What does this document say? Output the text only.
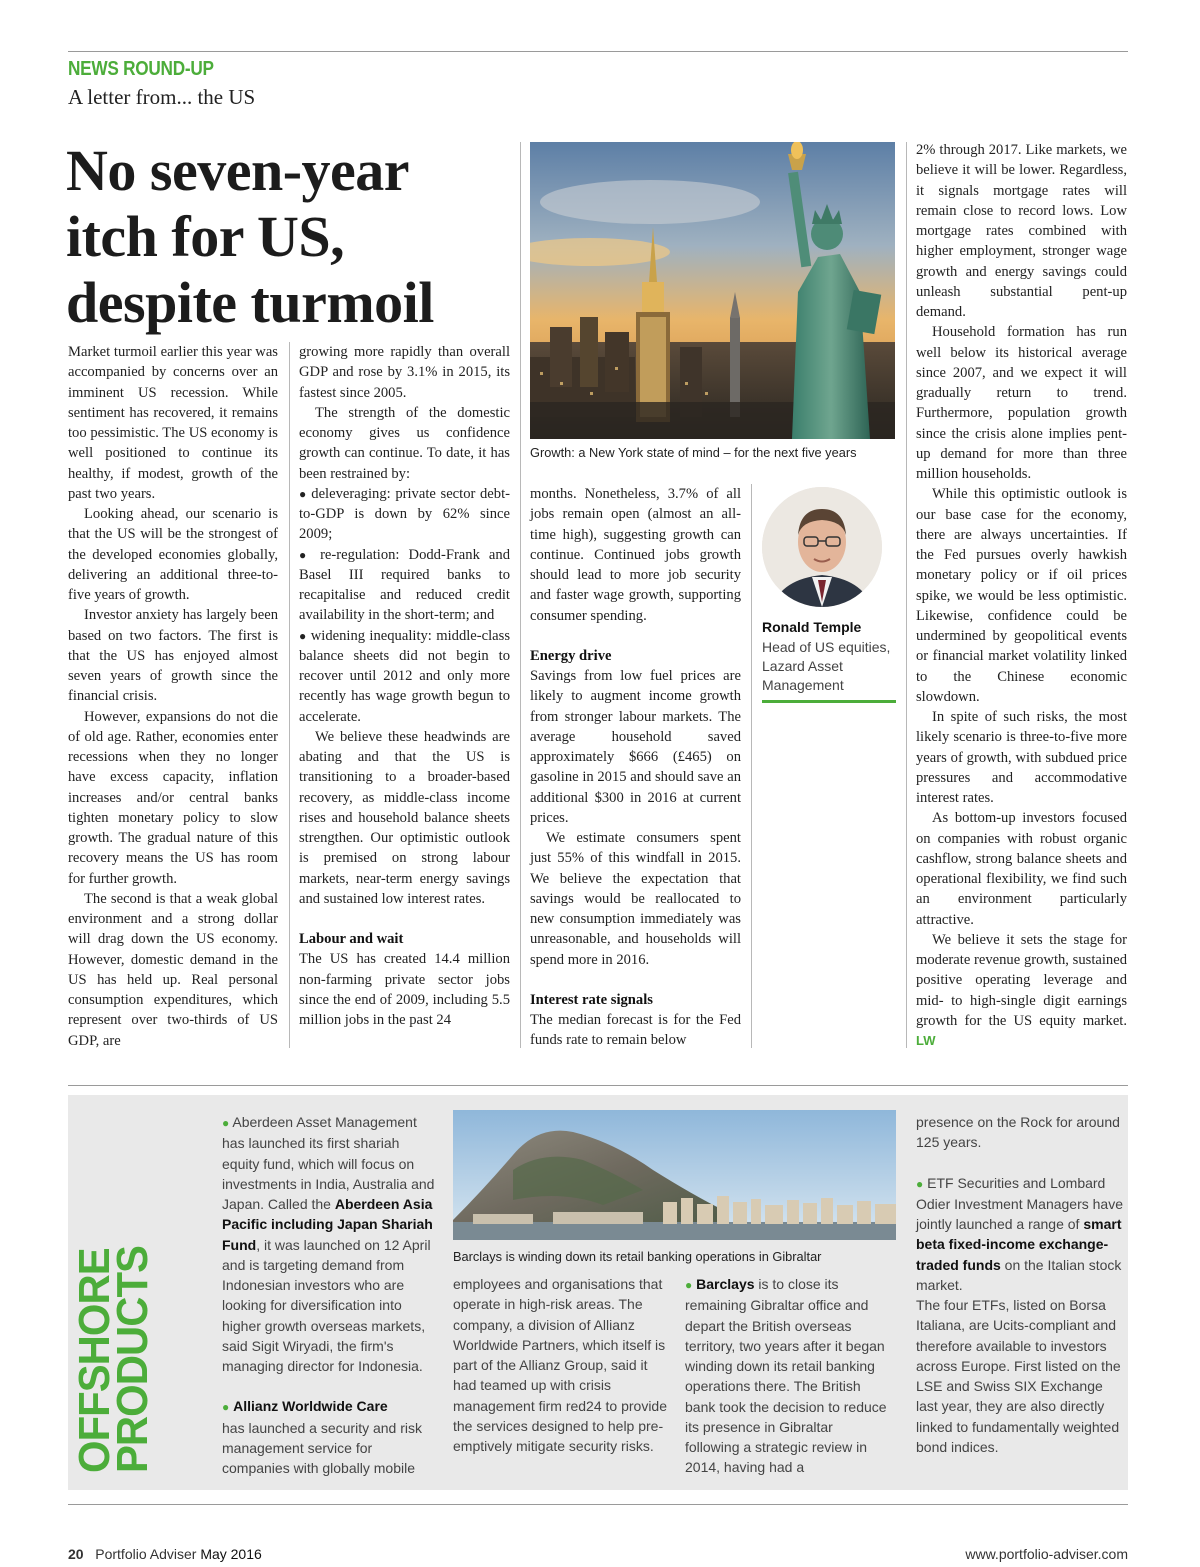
NEWS ROUND-UP
A letter from... the US
No seven-year itch for US, despite turmoil

Market turmoil earlier this year was accompanied by concerns over an imminent US recession. While sentiment has recovered, it remains too pessimistic. The US economy is well positioned to continue its healthy, if modest, growth of the past two years.

Looking ahead, our scenario is that the US will be the strongest of the developed economies globally, delivering an additional three-to-five years of growth.

Investor anxiety has largely been based on two factors. The first is that the US has enjoyed almost seven years of growth since the financial crisis.

However, expansions do not die of old age. Rather, economies enter recessions when they no longer have excess capacity, inflation increases and/or central banks tighten monetary policy to slow growth. The gradual nature of this recovery means the US has room for further growth.

The second is that a weak global environment and a strong dollar will drag down the US economy. However, domestic demand in the US has held up. Real personal consumption expenditures, which represent over two-thirds of US GDP, are

growing more rapidly than overall GDP and rose by 3.1% in 2015, its fastest since 2005.

The strength of the domestic economy gives us confidence growth can continue. To date, it has been restrained by:

● deleveraging: private sector debt-to-GDP is down by 62% since 2009;

● re-regulation: Dodd-Frank and Basel III required banks to recapitalise and reduced credit availability in the short-term; and

● widening inequality: middle-class balance sheets did not begin to recover until 2012 and only more recently has wage growth begun to accelerate.

We believe these headwinds are abating and that the US is transitioning to a broader-based recovery, as middle-class income rises and household balance sheets strengthen. Our optimistic outlook is premised on strong labour markets, near-term energy savings and sustained low interest rates.

Labour and wait

The US has created 14.4 million non-farming private sector jobs since the end of 2009, including 5.5 million jobs in the past 24

Growth: a New York state of mind – for the next five years

months. Nonetheless, 3.7% of all jobs remain open (almost an all-time high), suggesting growth can continue. Continued jobs growth should lead to more job security and faster wage growth, supporting consumer spending.

Energy drive

Savings from low fuel prices are likely to augment income growth from stronger labour markets. The average household saved approximately $666 (£465) on gasoline in 2015 and should save an additional $300 in 2016 at current prices.

We estimate consumers spent just 55% of this windfall in 2015. We believe the expectation that savings would be reallocated to new consumption immediately was unreasonable, and households will spend more in 2016.

Interest rate signals

The median forecast is for the Fed funds rate to remain below

Ronald Temple
Head of US equities, Lazard Asset Management

2% through 2017. Like markets, we believe it will be lower. Regardless, it signals mortgage rates will remain close to record lows. Low mortgage rates combined with higher employment, stronger wage growth and energy savings could unleash substantial pent-up demand.

Household formation has run well below its historical average since 2007, and we expect it will gradually return to trend. Furthermore, population growth since the crisis alone implies pent-up demand for more than three million households.

While this optimistic outlook is our base case for the economy, there are always uncertainties. If the Fed pursues overly hawkish monetary policy or if oil prices spike, we would be less optimistic. Likewise, confidence could be undermined by geopolitical events or financial market volatility linked to the Chinese economic slowdown.

In spite of such risks, the most likely scenario is three-to-five more years of growth, with subdued price pressures and accommodative interest rates.

As bottom-up investors focused on companies with robust organic cashflow, strong balance sheets and operational flexibility, we find such an environment particularly attractive.

We believe it sets the stage for moderate revenue growth, sustained positive operating leverage and mid- to high-single digit earnings growth for the US equity market. LW

OFFSHORE
PRODUCTS
● Aberdeen Asset Management has launched its first shariah equity fund, which will focus on investments in India, Australia and Japan. Called the Aberdeen Asia Pacific including Japan Shariah Fund, it was launched on 12 April and is targeting demand from Indonesian investors who are looking for diversification into higher growth overseas markets, said Sigit Wiryadi, the firm's managing director for Indonesia.
● Allianz Worldwide Care
has launched a security and risk management service for companies with globally mobile
Barclays is winding down its retail banking operations in Gibraltar
employees and organisations that operate in high-risk areas. The company, a division of Allianz Worldwide Partners, which itself is part of the Allianz Group, said it had teamed up with crisis management firm red24 to provide the services designed to help pre-emptively mitigate security risks.
● Barclays is to close its remaining Gibraltar office and depart the British overseas territory, two years after it began winding down its retail banking operations there. The British bank took the decision to reduce its presence in Gibraltar following a strategic review in 2014, having had a
presence on the Rock for around 125 years.
● ETF Securities and Lombard Odier Investment Managers have jointly launched a range of smart beta fixed-income exchange-traded funds on the Italian stock market.
The four ETFs, listed on Borsa Italiana, are Ucits-compliant and therefore available to investors across Europe. First listed on the LSE and Swiss SIX Exchange last year, they are also directly linked to fundamentally weighted bond indices.
20 Portfolio Adviser May 2016	www.portfolio-adviser.com
